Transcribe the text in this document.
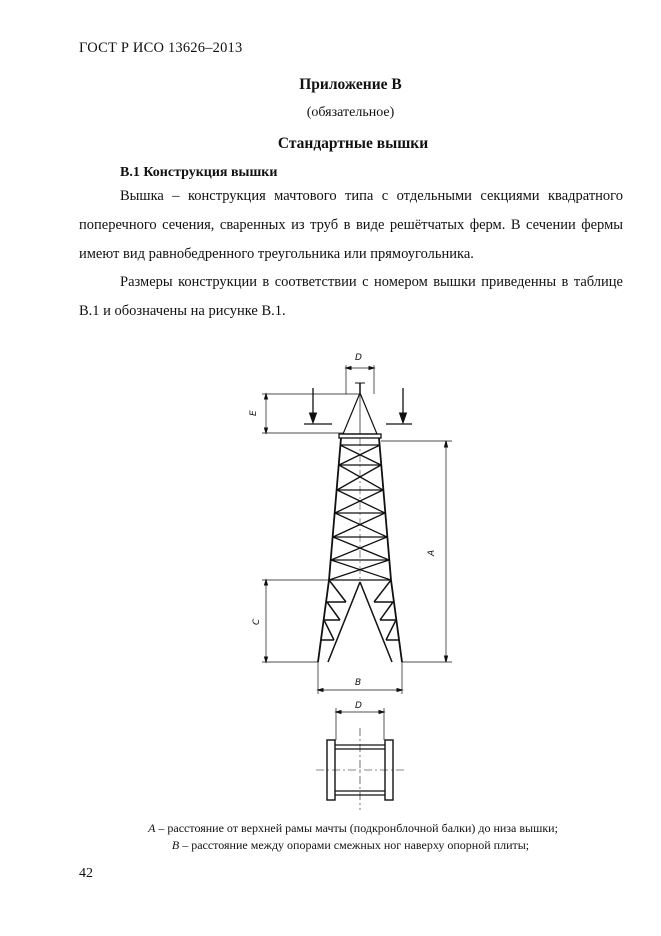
ГОСТ Р ИСО 13626–2013
Приложение В
(обязательное)
Стандартные вышки
В.1 Конструкция вышки
Вышка – конструкция мачтового типа с отдельными секциями квадратного поперечного сечения, сваренных из труб в виде решётчатых ферм. В сечении фермы имеют вид равнобедренного треугольника или прямоугольника.
Размеры конструкции в соответствии с номером вышки приведенны в таблице В.1 и обозначены на рисунке В.1.
D
E
A
C
B
D
А – расстояние от верхней рамы мачты (подкронблочной балки) до низа вышки;
В – расстояние между опорами смежных ног наверху опорной плиты;
42
